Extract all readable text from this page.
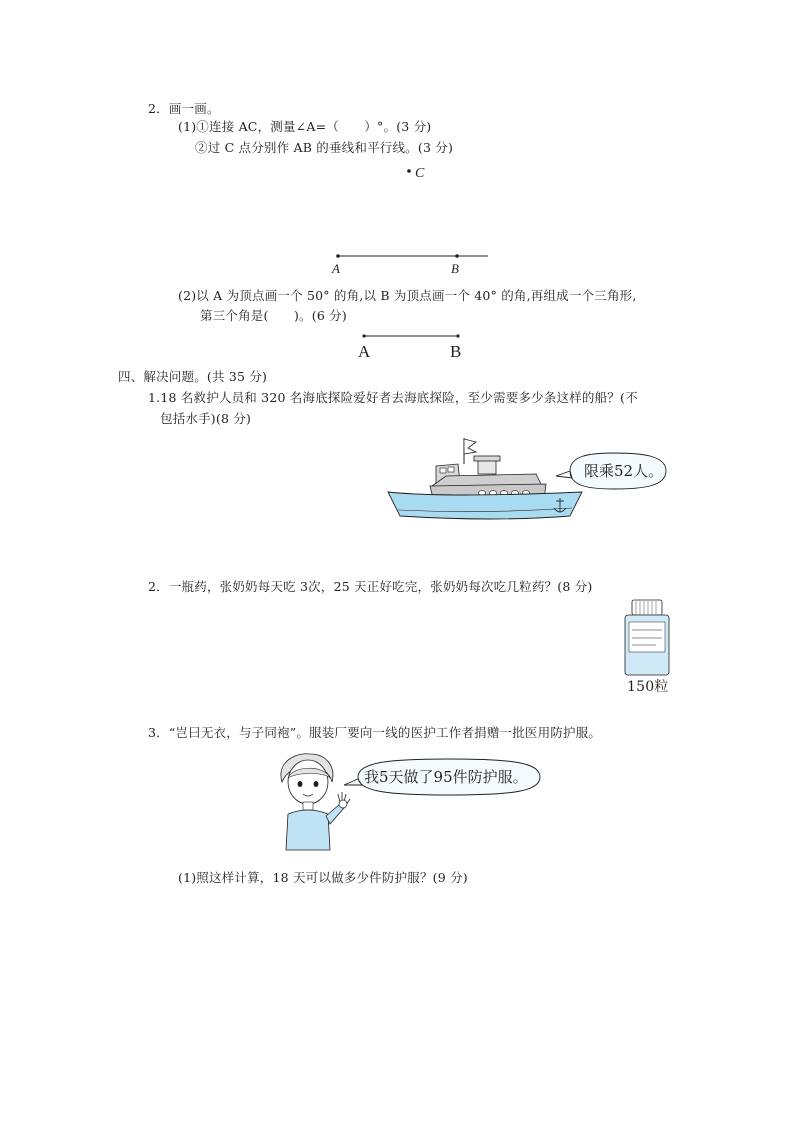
2．画一画。
(1)①连接 AC，测量∠A=（　　）°。(3 分)
②过 C 点分别作 AB 的垂线和平行线。(3 分)
C
A	B
(2)以 A 为顶点画一个 50° 的角,以 B 为顶点画一个 40° 的角,再组成一个三角形,
第三个角是(　　)。(6 分)
A	B
四、解决问题。(共 35 分)
1.18 名救护人员和 320 名海底探险爱好者去海底探险，至少需要多少条这样的船？(不
包括水手)(8 分)
限乘52人。
2．一瓶药，张奶奶每天吃 3次，25 天正好吃完，张奶奶每次吃几粒药？(8 分)
150粒
3．“岂曰无衣，与子同袍”。服装厂要向一线的医护工作者捐赠一批医用防护服。
我5天做了95件防护服。
(1)照这样计算，18 天可以做多少件防护服？(9 分)
